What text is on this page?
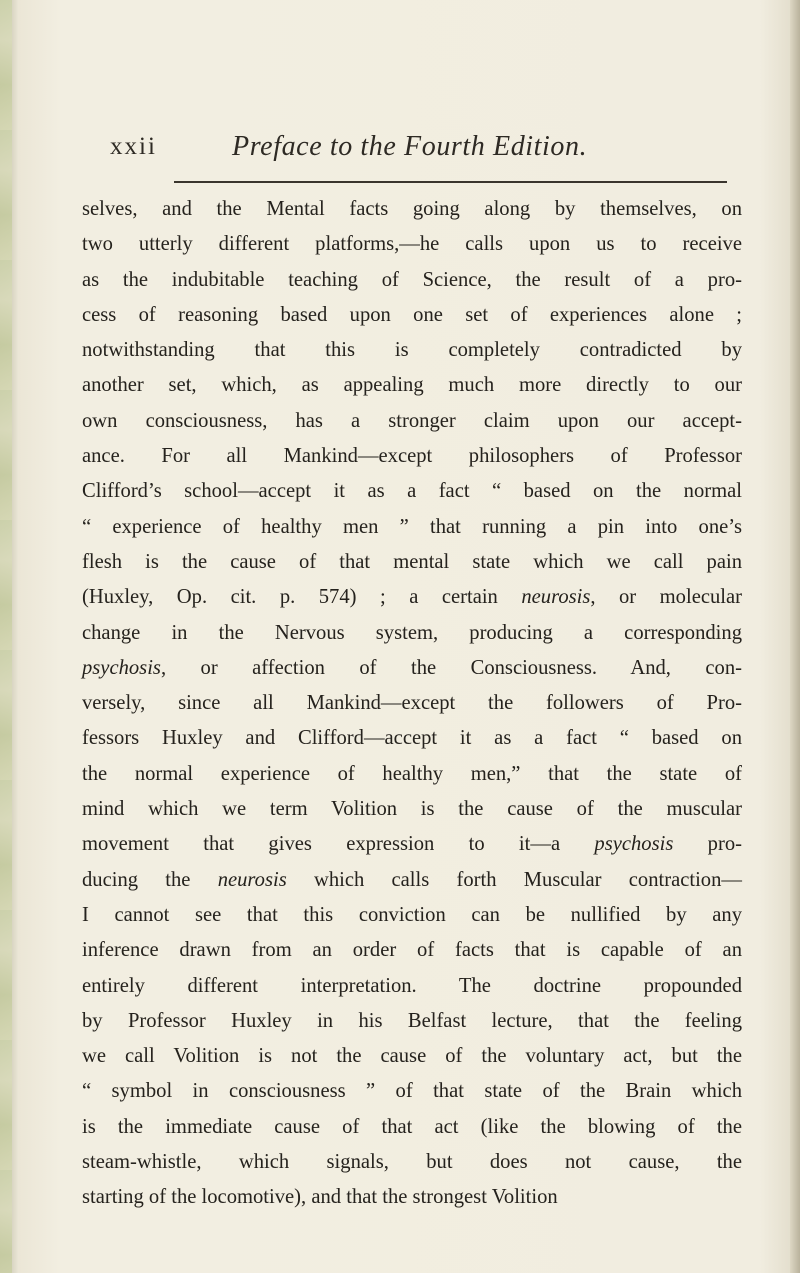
xxii	Preface to the Fourth Edition.
selves, and the Mental facts going along by themselves, on
two utterly different platforms,—he calls upon us to receive
as the indubitable teaching of Science, the result of a pro-
cess of reasoning based upon one set of experiences alone ;
notwithstanding that this is completely contradicted by
another set, which, as appealing much more directly to our
own consciousness, has a stronger claim upon our accept-
ance. For all Mankind—except philosophers of Professor
Clifford’s school—accept it as a fact “ based on the normal
“ experience of healthy men ” that running a pin into one’s
flesh is the cause of that mental state which we call pain
(Huxley, Op. cit. p. 574) ; a certain neurosis, or molecular
change in the Nervous system, producing a corresponding
psychosis, or affection of the Consciousness. And, con-
versely, since all Mankind—except the followers of Pro-
fessors Huxley and Clifford—accept it as a fact “ based on
the normal experience of healthy men,” that the state of
mind which we term Volition is the cause of the muscular
movement that gives expression to it—a psychosis pro-
ducing the neurosis which calls forth Muscular contraction—
I cannot see that this conviction can be nullified by any
inference drawn from an order of facts that is capable of an
entirely different interpretation. The doctrine propounded
by Professor Huxley in his Belfast lecture, that the feeling
we call Volition is not the cause of the voluntary act, but the
“ symbol in consciousness ” of that state of the Brain which
is the immediate cause of that act (like the blowing of the
steam-whistle, which signals, but does not cause, the
starting of the locomotive), and that the strongest Volition
